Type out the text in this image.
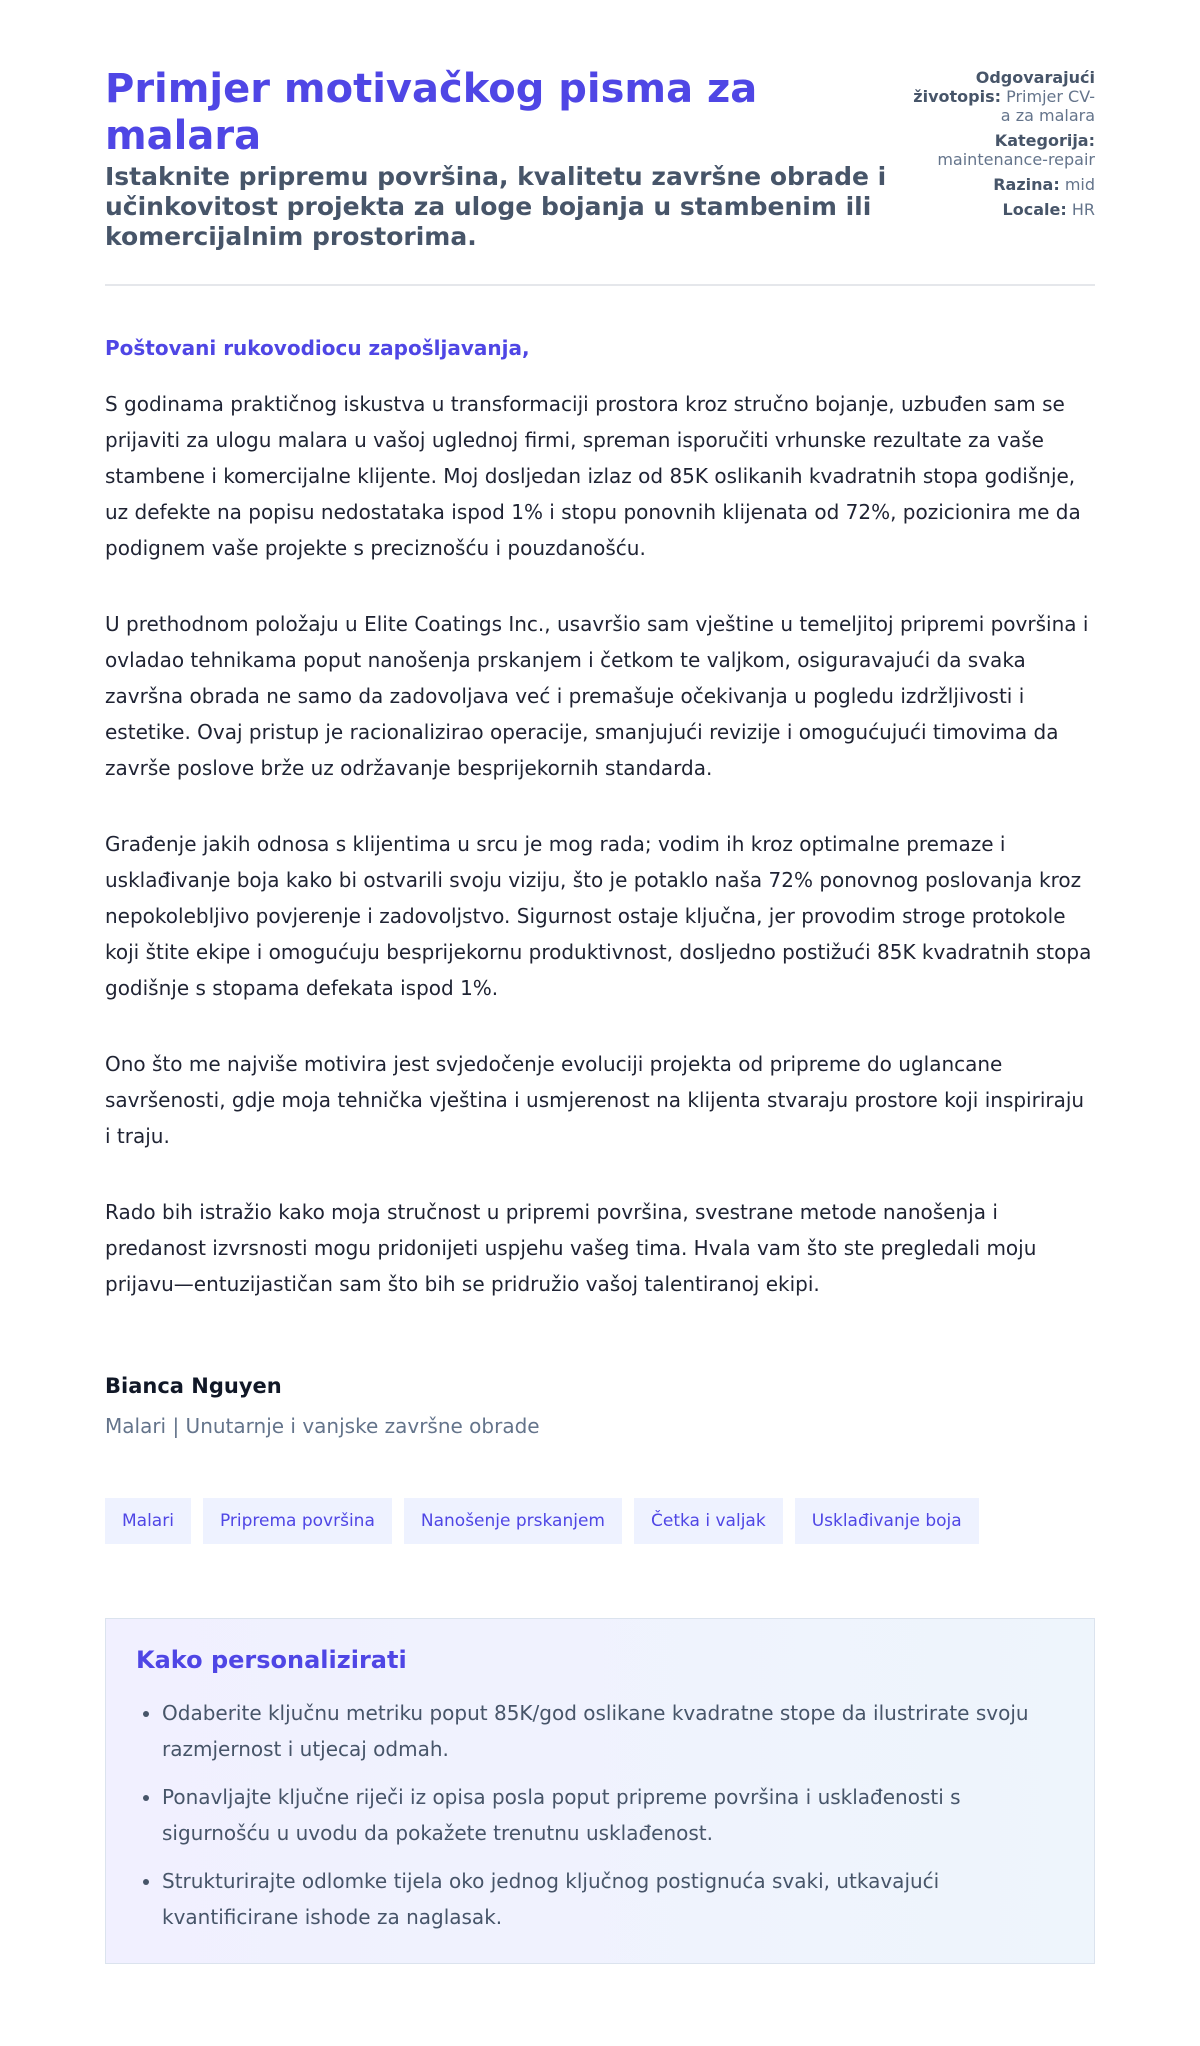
Primjer motivačkog pisma za malara
Istaknite pripremu površina, kvalitetu završne obrade i učinkovitost projekta za uloge bojanja u stambenim ili komercijalnim prostorima.
Odgovarajući životopis: Primjer CV-a za malara
Kategorija: maintenance-repair
Razina: mid
Locale: HR

Poštovani rukovodiocu zapošljavanja,

S godinama praktičnog iskustva u transformaciji prostora kroz stručno bojanje, uzbuđen sam se prijaviti za ulogu malara u vašoj uglednoj firmi, spreman isporučiti vrhunske rezultate za vaše stambene i komercijalne klijente. Moj dosljedan izlaz od 85K oslikanih kvadratnih stopa godišnje, uz defekte na popisu nedostataka ispod 1% i stopu ponovnih klijenata od 72%, pozicionira me da podignem vaše projekte s preciznošću i pouzdanošću.

U prethodnom položaju u Elite Coatings Inc., usavršio sam vještine u temeljitoj pripremi površina i ovladao tehnikama poput nanošenja prskanjem i četkom te valjkom, osiguravajući da svaka završna obrada ne samo da zadovoljava već i premašuje očekivanja u pogledu izdržljivosti i estetike. Ovaj pristup je racionalizirao operacije, smanjujući revizije i omogućujući timovima da završe poslove brže uz održavanje besprijekornih standarda.

Građenje jakih odnosa s klijentima u srcu je mog rada; vodim ih kroz optimalne premaze i usklađivanje boja kako bi ostvarili svoju viziju, što je potaklo naša 72% ponovnog poslovanja kroz nepokolebljivo povjerenje i zadovoljstvo. Sigurnost ostaje ključna, jer provodim stroge protokole koji štite ekipe i omogućuju besprijekornu produktivnost, dosljedno postižući 85K kvadratnih stopa godišnje s stopama defekata ispod 1%.

Ono što me najviše motivira jest svjedočenje evoluciji projekta od pripreme do uglancane savršenosti, gdje moja tehnička vještina i usmjerenost na klijenta stvaraju prostore koji inspiriraju i traju.

Rado bih istražio kako moja stručnost u pripremi površina, svestrane metode nanošenja i predanost izvrsnosti mogu pridonijeti uspjehu vašeg tima. Hvala vam što ste pregledali moju prijavu—entuzijastičan sam što bih se pridružio vašoj talentiranoj ekipi.

Bianca Nguyen
Malari | Unutarnje i vanjske završne obrade
Malari	Priprema površina	Nanošenje prskanjem	Četka i valjak	Usklađivanje boja
Kako personalizirati
• Odaberite ključnu metriku poput 85K/god oslikane kvadratne stope da ilustrirate svoju razmjernost i utjecaj odmah.
• Ponavljajte ključne riječi iz opisa posla poput pripreme površina i usklađenosti s sigurnošću u uvodu da pokažete trenutnu usklađenost.
• Strukturirajte odlomke tijela oko jednog ključnog postignuća svaki, utkavajući kvantificirane ishode za naglasak.
